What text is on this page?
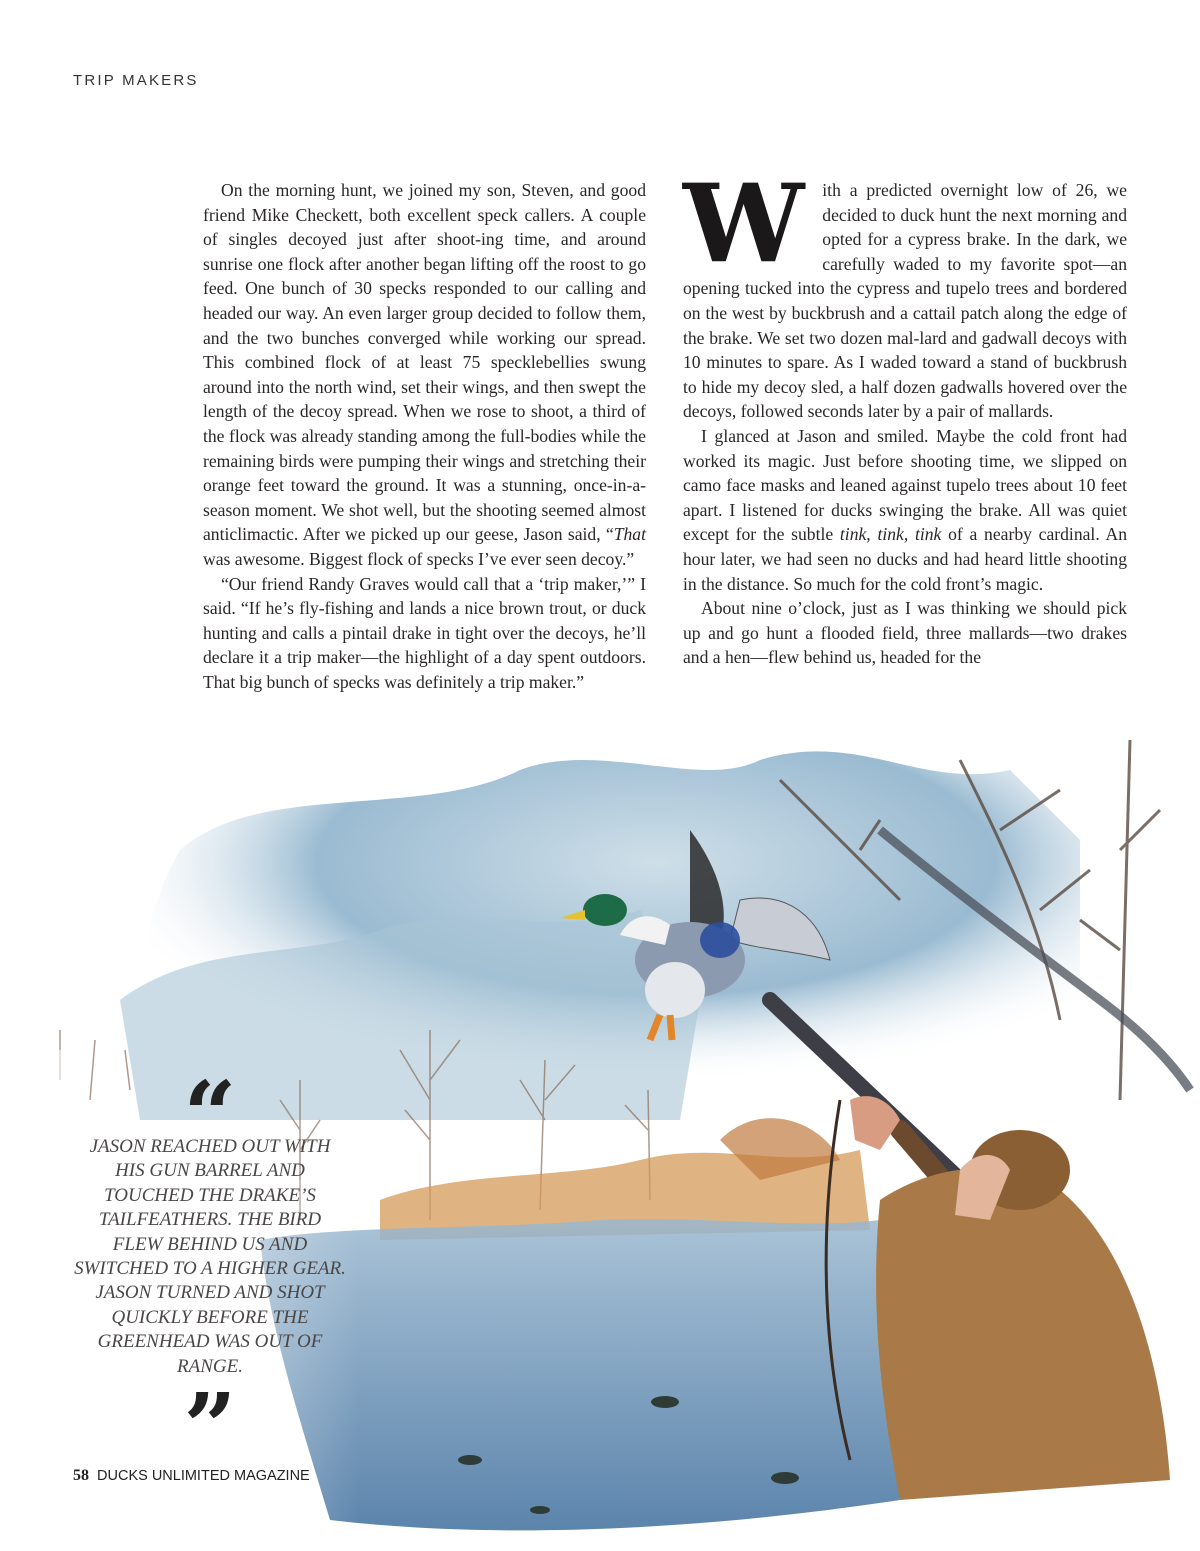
TRIP MAKERS

On the morning hunt, we joined my son, Steven, and good friend Mike Checkett, both excellent speck callers. A couple of singles decoyed just after shoot-ing time, and around sunrise one flock after another began lifting off the roost to go feed. One bunch of 30 specks responded to our calling and headed our way. An even larger group decided to follow them, and the two bunches converged while working our spread. This combined flock of at least 75 specklebellies swung around into the north wind, set their wings, and then swept the length of the decoy spread. When we rose to shoot, a third of the flock was already standing among the full-bodies while the remaining birds were pumping their wings and stretching their orange feet toward the ground. It was a stunning, once-in-a-season moment. We shot well, but the shooting seemed almost anticlimactic. After we picked up our geese, Jason said, “That was awesome. Biggest flock of specks I’ve ever seen decoy.”

“Our friend Randy Graves would call that a ‘trip maker,’” I said. “If he’s fly-fishing and lands a nice brown trout, or duck hunting and calls a pintail drake in tight over the decoys, he’ll declare it a trip maker—the highlight of a day spent outdoors. That big bunch of specks was definitely a trip maker.”

W ith a predicted overnight low of 26, we decided to duck hunt the next morning and opted for a cypress brake. In the dark, we carefully waded to my favorite spot—an opening tucked into the cypress and tupelo trees and bordered on the west by buckbrush and a cattail patch along the edge of the brake. We set two dozen mal-lard and gadwall decoys with 10 minutes to spare. As I waded toward a stand of buckbrush to hide my decoy sled, a half dozen gadwalls hovered over the decoys, followed seconds later by a pair of mallards.

I glanced at Jason and smiled. Maybe the cold front had worked its magic. Just before shooting time, we slipped on camo face masks and leaned against tupelo trees about 10 feet apart. I listened for ducks swinging the brake. All was quiet except for the subtle tink, tink, tink of a nearby cardinal. An hour later, we had seen no ducks and had heard little shooting in the distance. So much for the cold front’s magic.

About nine o’clock, just as I was thinking we should pick up and go hunt a flooded field, three mallards—two drakes and a hen—flew behind us, headed for the

“

JASON REACHED OUT WITH HIS GUN BARREL AND TOUCHED THE DRAKE’S TAILFEATHERS. THE BIRD FLEW BEHIND US AND SWITCHED TO A HIGHER GEAR. JASON TURNED AND SHOT QUICKLY BEFORE THE GREENHEAD WAS OUT OF RANGE.

”
58 DUCKS UNLIMITED MAGAZINE
